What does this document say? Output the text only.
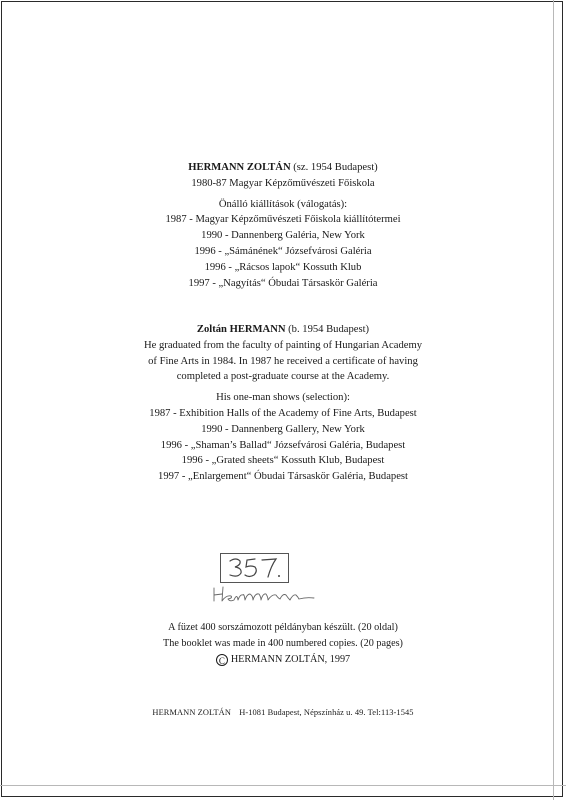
HERMANN ZOLTÁN (sz. 1954 Budapest)
1980-87 Magyar Képzőművészeti Főiskola
Önálló kiállítások (válogatás):
1987 - Magyar Képzőművészeti Főiskola kiállítótermei
1990 - Dannenberg Galéria, New York
1996 - „Sámánének“ Józsefvárosi Galéria
1996 - „Rácsos lapok“ Kossuth Klub
1997 - „Nagyítás“ Óbudai Társaskör Galéria
Zoltán HERMANN (b. 1954 Budapest)
He graduated from the faculty of painting of Hungarian Academy
of Fine Arts in 1984. In 1987 he received a certificate of having
completed a post-graduate course at the Academy.
His one-man shows (selection):
1987 - Exhibition Halls of the Academy of Fine Arts, Budapest
1990 - Dannenberg Gallery, New York
1996 - „Shaman’s Ballad“ Józsefvárosi Galéria, Budapest
1996 - „Grated sheets“ Kossuth Klub, Budapest
1997 - „Enlargement“ Óbudai Társaskör Galéria, Budapest
A füzet 400 sorszámozott példányban készült. (20 oldal)
The booklet was made in 400 numbered copies. (20 pages)
C HERMANN ZOLTÁN, 1997
HERMANN ZOLTÁN H-1081 Budapest, Népszínház u. 49. Tel:113-1545
